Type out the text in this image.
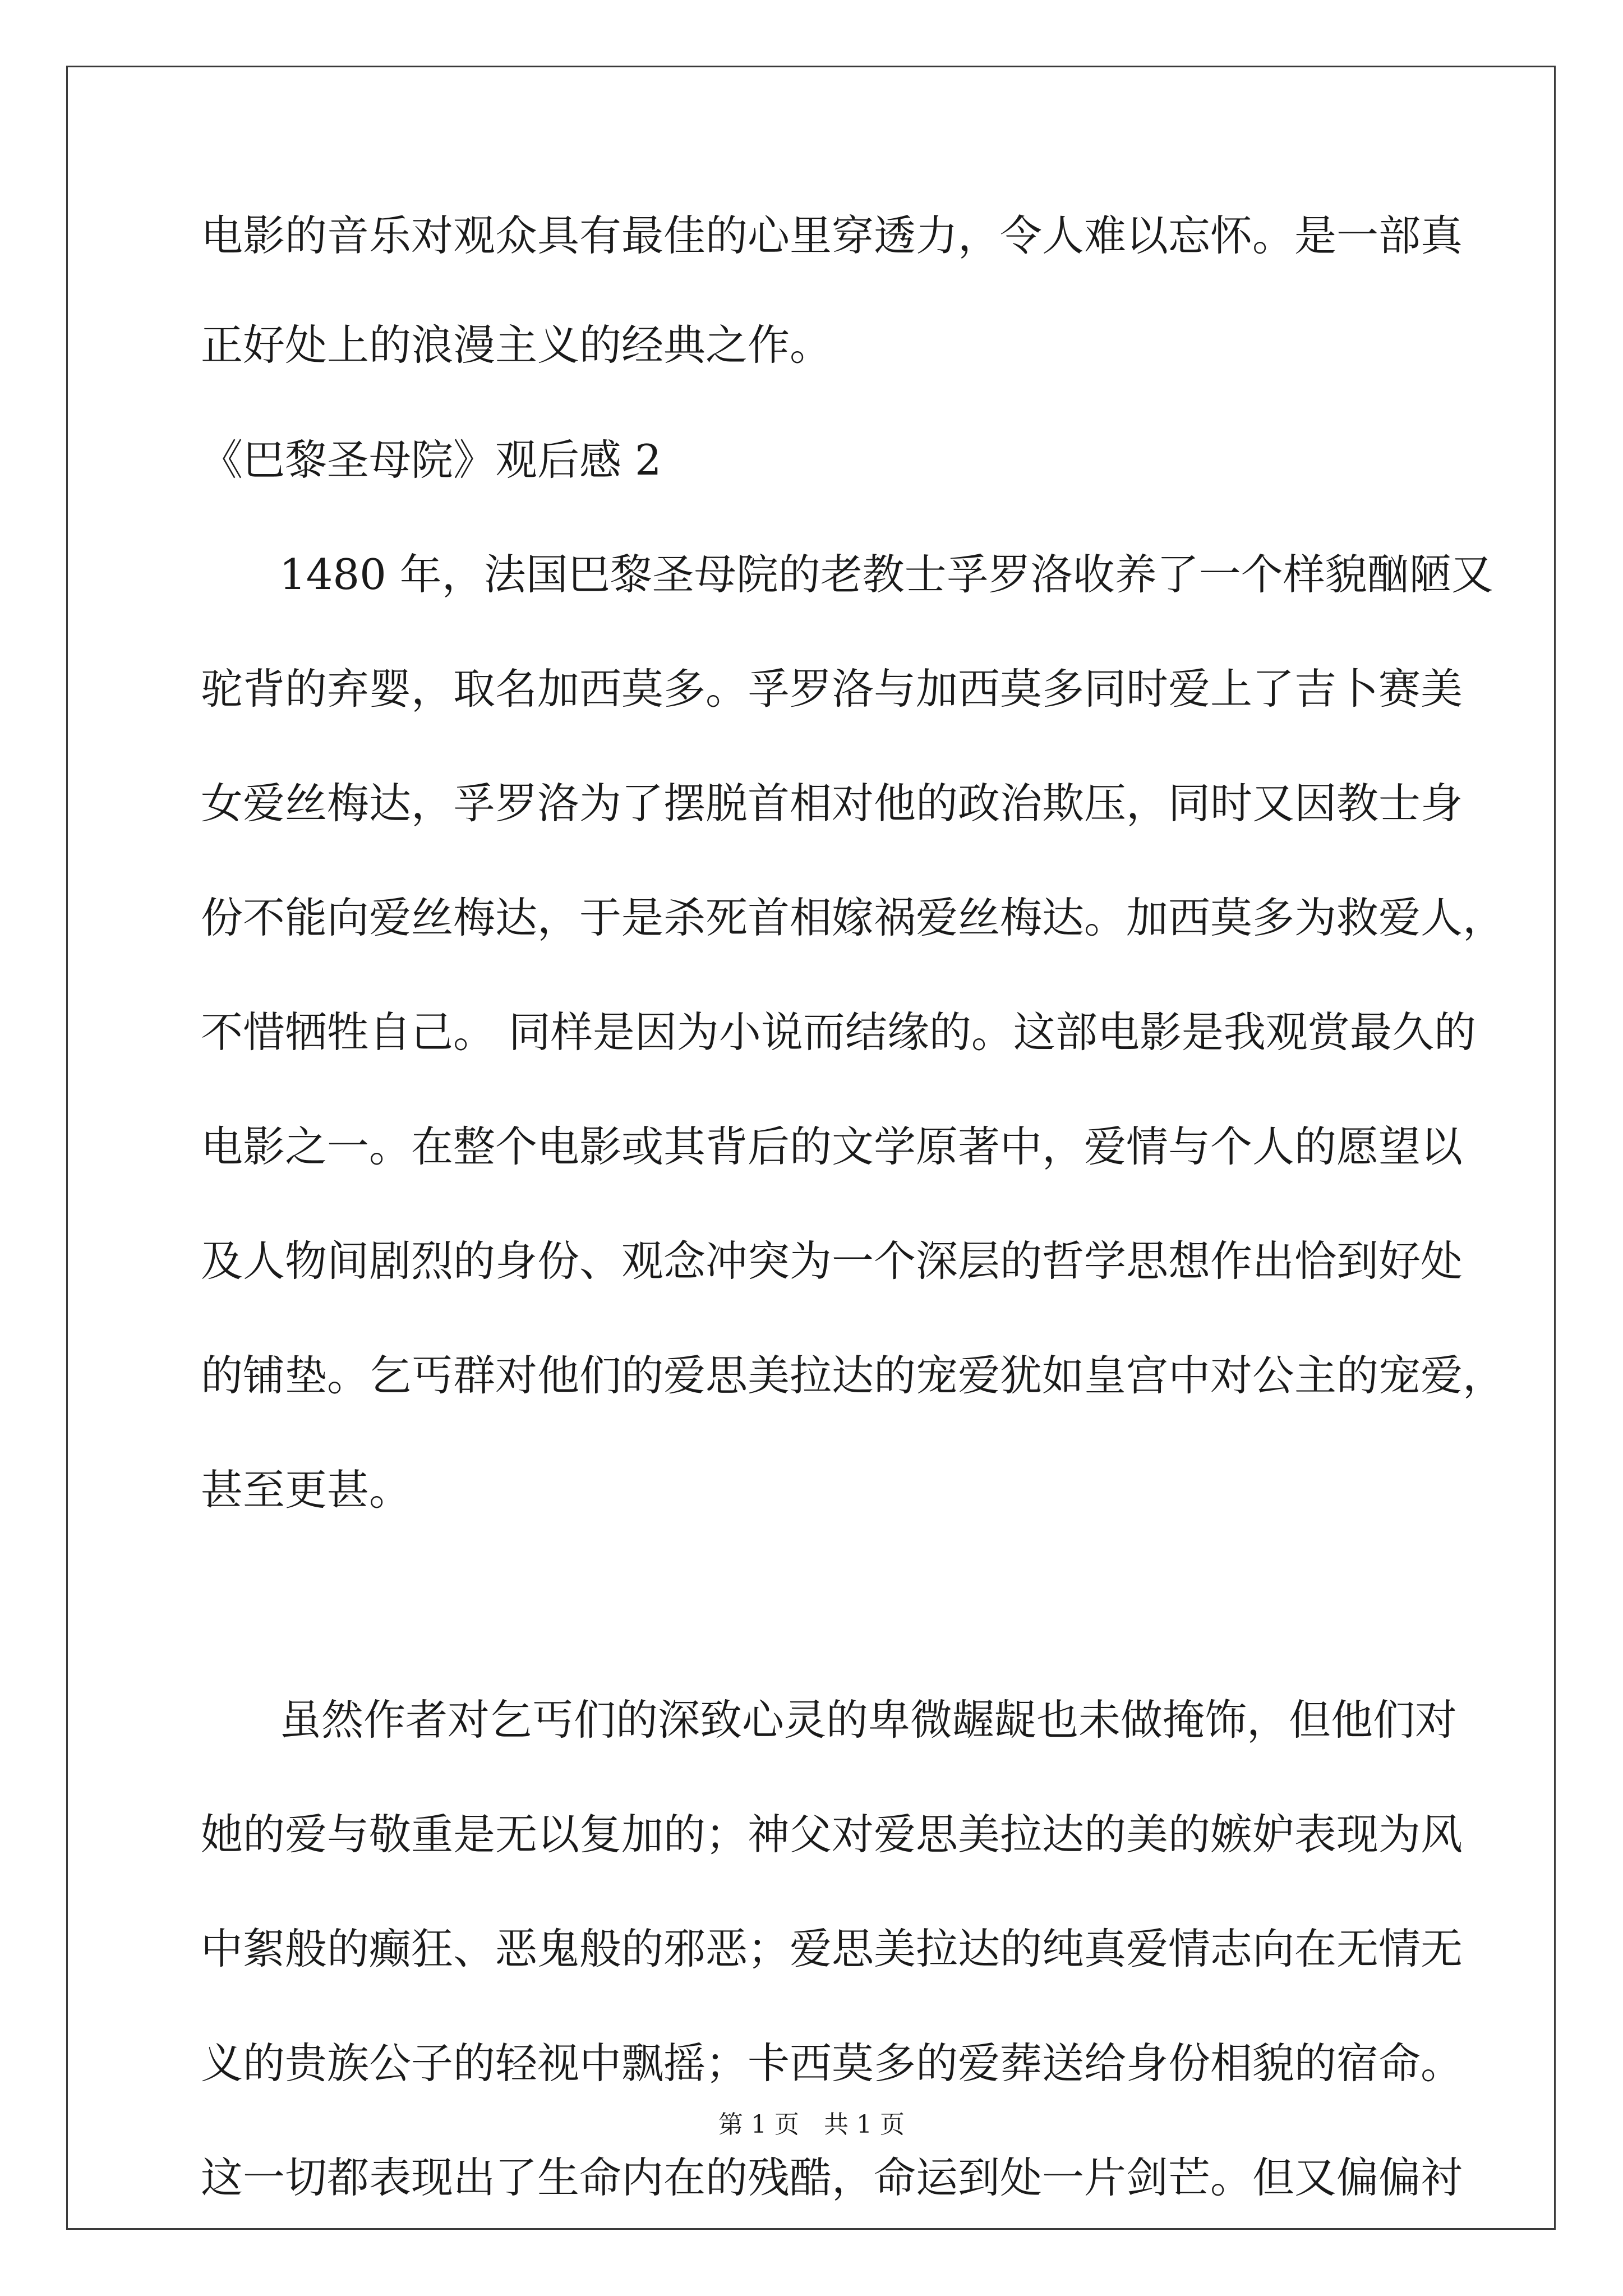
电影的音乐对观众具有最佳的心里穿透力，令人难以忘怀。是一部真

正好处上的浪漫主义的经典之作。

《巴黎圣母院》观后感 2

1480 年，法国巴黎圣母院的老教士孚罗洛收养了一个样貌酗陋又

驼背的弃婴，取名加西莫多。孚罗洛与加西莫多同时爱上了吉卜赛美

女爱丝梅达，孚罗洛为了摆脱首相对他的政治欺压，同时又因教士身

份不能向爱丝梅达，于是杀死首相嫁祸爱丝梅达。加西莫多为救爱人，

不惜牺牲自己。 同样是因为小说而结缘的。这部电影是我观赏最久的

电影之一。在整个电影或其背后的文学原著中，爱情与个人的愿望以

及人物间剧烈的身份、观念冲突为一个深层的哲学思想作出恰到好处

的铺垫。乞丐群对他们的爱思美拉达的宠爱犹如皇宫中对公主的宠爱，

甚至更甚。

虽然作者对乞丐们的深致心灵的卑微龌龊也未做掩饰，但他们对

她的爱与敬重是无以复加的；神父对爱思美拉达的美的嫉妒表现为风

中絮般的癫狂、恶鬼般的邪恶；爱思美拉达的纯真爱情志向在无情无

义的贵族公子的轻视中飘摇；卡西莫多的爱葬送给身份相貌的宿命。

这一切都表现出了生命内在的残酷，命运到处一片剑芒。但又偏偏衬

第 1 页　共 1 页
